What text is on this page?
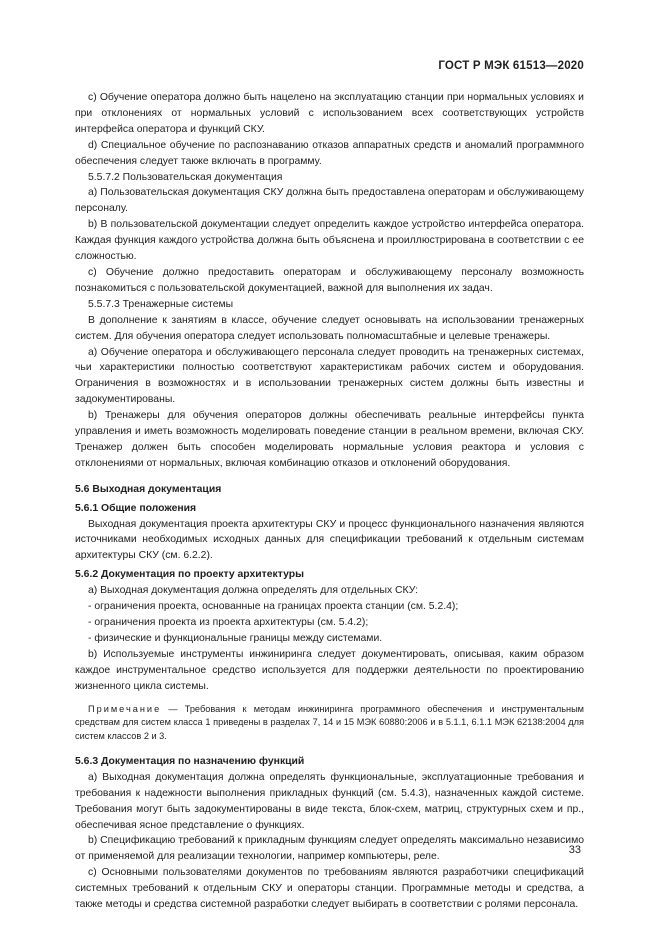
ГОСТ Р МЭК 61513—2020

c) Обучение оператора должно быть нацелено на эксплуатацию станции при нормальных условиях и при отклонениях от нормальных условий с использованием всех соответствующих устройств интерфейса оператора и функций СКУ.

d) Специальное обучение по распознаванию отказов аппаратных средств и аномалий программного обеспечения следует также включать в программу.

5.5.7.2 Пользовательская документация

a) Пользовательская документация СКУ должна быть предоставлена операторам и обслуживающему персоналу.

b) В пользовательской документации следует определить каждое устройство интерфейса оператора. Каждая функция каждого устройства должна быть объяснена и проиллюстрирована в соответствии с ее сложностью.

c) Обучение должно предоставить операторам и обслуживающему персоналу возможность познакомиться с пользовательской документацией, важной для выполнения их задач.

5.5.7.3 Тренажерные системы

В дополнение к занятиям в классе, обучение следует основывать на использовании тренажерных систем. Для обучения оператора следует использовать полномасштабные и целевые тренажеры.

a) Обучение оператора и обслуживающего персонала следует проводить на тренажерных системах, чьи характеристики полностью соответствуют характеристикам рабочих систем и оборудования. Ограничения в возможностях и в использовании тренажерных систем должны быть известны и задокументированы.

b) Тренажеры для обучения операторов должны обеспечивать реальные интерфейсы пункта управления и иметь возможность моделировать поведение станции в реальном времени, включая СКУ. Тренажер должен быть способен моделировать нормальные условия реактора и условия с отклонениями от нормальных, включая комбинацию отказов и отклонений оборудования.

5.6 Выходная документация

5.6.1 Общие положения

Выходная документация проекта архитектуры СКУ и процесс функционального назначения являются источниками необходимых исходных данных для спецификации требований к отдельным системам архитектуры СКУ (см. 6.2.2).

5.6.2 Документация по проекту архитектуры

a) Выходная документация должна определять для отдельных СКУ:

- ограничения проекта, основанные на границах проекта станции (см. 5.2.4);

- ограничения проекта из проекта архитектуры (см. 5.4.2);

- физические и функциональные границы между системами.

b) Используемые инструменты инжиниринга следует документировать, описывая, каким образом каждое инструментальное средство используется для поддержки деятельности по проектированию жизненного цикла системы.

Примечание — Требования к методам инжиниринга программного обеспечения и инструментальным средствам для систем класса 1 приведены в разделах 7, 14 и 15 МЭК 60880:2006 и в 5.1.1, 6.1.1 МЭК 62138:2004 для систем классов 2 и 3.

5.6.3 Документация по назначению функций

a) Выходная документация должна определять функциональные, эксплуатационные требования и требования к надежности выполнения прикладных функций (см. 5.4.3), назначенных каждой системе. Требования могут быть задокументированы в виде текста, блок-схем, матриц, структурных схем и пр., обеспечивая ясное представление о функциях.

b) Спецификацию требований к прикладным функциям следует определять максимально независимо от применяемой для реализации технологии, например компьютеры, реле.

c) Основными пользователями документов по требованиям являются разработчики спецификаций системных требований к отдельным СКУ и операторы станции. Программные методы и средства, а также методы и средства системной разработки следует выбирать в соответствии с ролями персонала.

33
